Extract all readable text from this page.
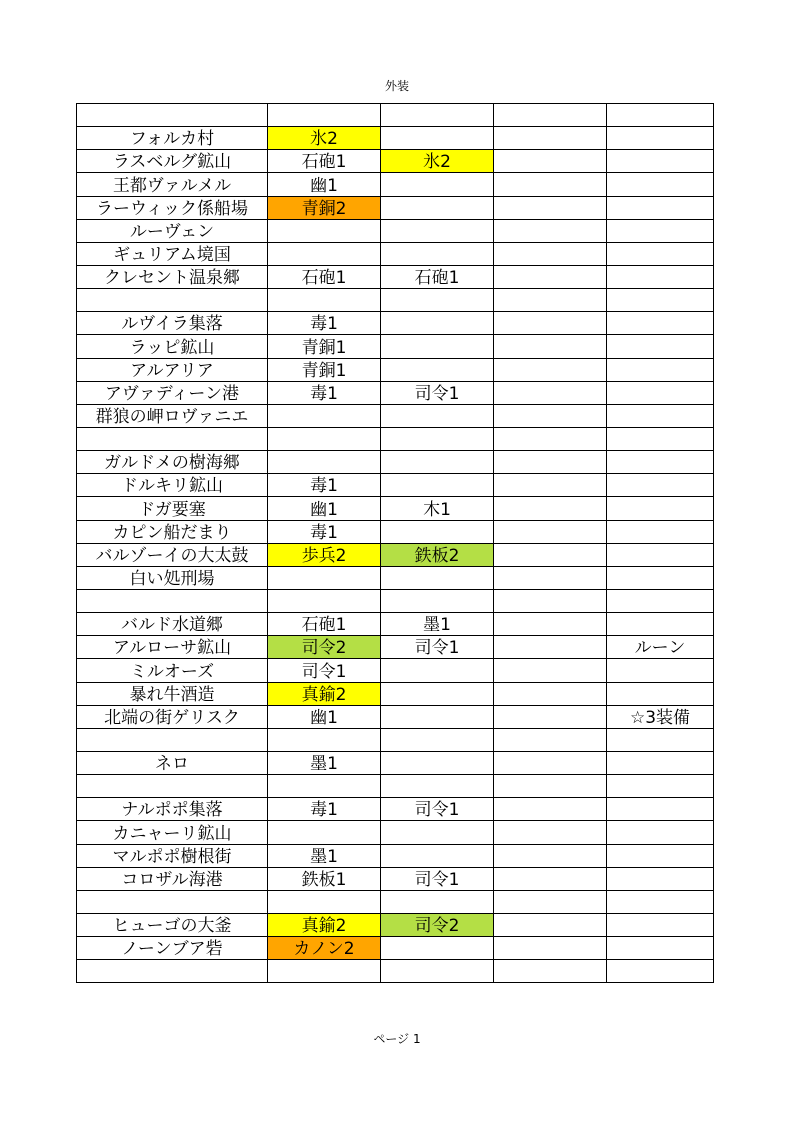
外装

フォルカ村	氷2			
ラスベルグ鉱山	石砲1	氷2		
王都ヴァルメル	幽1			
ラーウィック係船場	青銅2			
ルーヴェン				
ギュリアム境国				
クレセント温泉郷	石砲1	石砲1		

ルヴイラ集落	毒1			
ラッピ鉱山	青銅1			
アルアリア	青銅1			
アヴァディーン港	毒1	司令1		
群狼の岬ロヴァニエ				

ガルドメの樹海郷				
ドルキリ鉱山	毒1			
ドガ要塞	幽1	木1		
カピン船だまり	毒1			
バルゾーイの大太鼓	歩兵2	鉄板2		
白い処刑場				

バルド水道郷	石砲1	墨1		
アルローサ鉱山	司令2	司令1		ルーン
ミルオーズ	司令1			
暴れ牛酒造	真鍮2			
北端の街ゲリスク	幽1			☆3装備

ネロ	墨1			

ナルポポ集落	毒1	司令1		
カニャーリ鉱山				
マルポポ樹根街	墨1			
コロザル海港	鉄板1	司令1		

ヒューゴの大釜	真鍮2	司令2		
ノーンブア砦	カノン2			

ページ 1
